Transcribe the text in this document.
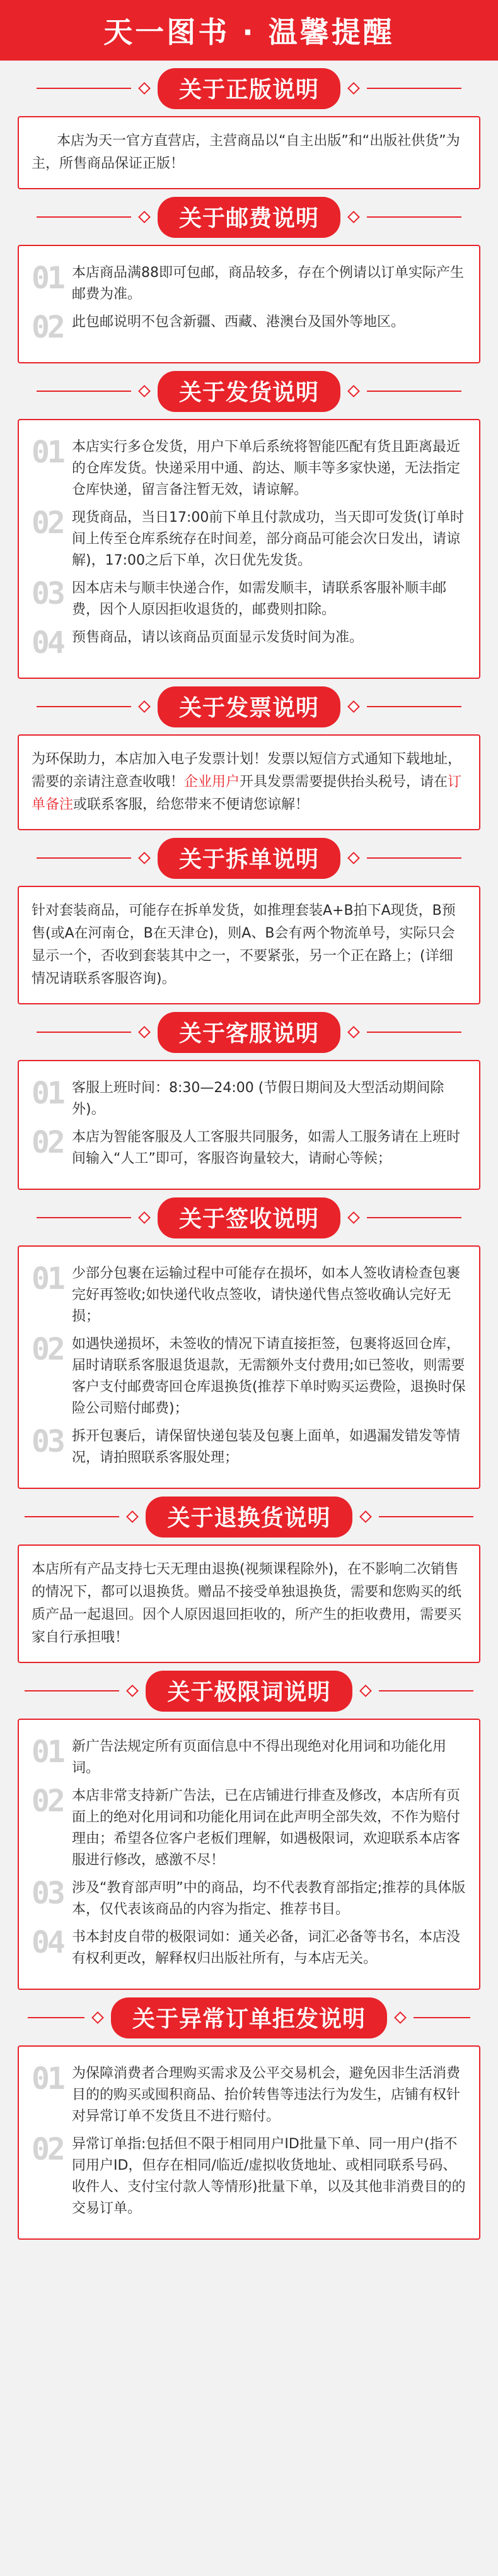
天一图书 · 温馨提醒
关于正版说明

本店为天一官方直营店，主营商品以“自主出版”和“出版社供货”为主，所售商品保证正版！

关于邮费说明
01 本店商品满88即可包邮，商品较多，存在个例请以订单实际产生邮费为准。
02 此包邮说明不包含新疆、西藏、港澳台及国外等地区。
关于发货说明
01 本店实行多仓发货，用户下单后系统将智能匹配有货且距离最近的仓库发货。快递采用中通、韵达、顺丰等多家快递，无法指定仓库快递，留言备注暂无效，请谅解。
02 现货商品，当日17:00前下单且付款成功，当天即可发货(订单时间上传至仓库系统存在时间差，部分商品可能会次日发出，请谅解)，17:00之后下单，次日优先发货。
03 因本店未与顺丰快递合作，如需发顺丰，请联系客服补顺丰邮费，因个人原因拒收退货的，邮费则扣除。
04 预售商品，请以该商品页面显示发货时间为准。
关于发票说明

为环保助力，本店加入电子发票计划！发票以短信方式通知下载地址，需要的亲请注意查收哦！企业用户开具发票需要提供抬头税号，请在订单备注或联系客服，给您带来不便请您谅解！

关于拆单说明

针对套装商品，可能存在拆单发货，如推理套装A+B拍下A现货，B预售(或A在河南仓，B在天津仓)，则A、B会有两个物流单号，实际只会显示一个，否收到套装其中之一，不要紧张，另一个正在路上；(详细情况请联系客服咨询)。

关于客服说明
01 客服上班时间：8:30—24:00 (节假日期间及大型活动期间除外)。
02 本店为智能客服及人工客服共同服务，如需人工服务请在上班时间输入“人工”即可，客服咨询量较大，请耐心等候；
关于签收说明
01 少部分包裹在运输过程中可能存在损坏，如本人签收请检查包裹完好再签收;如快递代收点签收，请快递代售点签收确认完好无损；
02 如遇快递损坏，未签收的情况下请直接拒签，包裹将返回仓库，届时请联系客服退货退款，无需额外支付费用;如已签收，则需要客户支付邮费寄回仓库退换货(推荐下单时购买运费险，退换时保险公司赔付邮费)；
03 拆开包裹后，请保留快递包装及包裹上面单，如遇漏发错发等情况，请拍照联系客服处理；
关于退换货说明

本店所有产品支持七天无理由退换(视频课程除外)，在不影响二次销售的情况下，都可以退换货。赠品不接受单独退换货，需要和您购买的纸质产品一起退回。因个人原因退回拒收的，所产生的拒收费用，需要买家自行承担哦！

关于极限词说明
01 新广告法规定所有页面信息中不得出现绝对化用词和功能化用词。
02 本店非常支持新广告法，已在店铺进行排查及修改，本店所有页面上的绝对化用词和功能化用词在此声明全部失效，不作为赔付理由；希望各位客户老板们理解，如遇极限词，欢迎联系本店客服进行修改，感激不尽！
03 涉及“教育部声明”中的商品，均不代表教育部指定;推荐的具体版本，仅代表该商品的内容为指定、推荐书目。
04 书本封皮自带的极限词如：通关必备，词汇必备等书名，本店没有权利更改，解释权归出版社所有，与本店无关。
关于异常订单拒发说明
01 为保障消费者合理购买需求及公平交易机会，避免因非生活消费目的的购买或囤积商品、抬价转售等违法行为发生，店铺有权针对异常订单不发货且不进行赔付。
02 异常订单指:包括但不限于相同用户ID批量下单、同一用户(指不同用户ID，但存在相同/临近/虚拟收货地址、或相同联系号码、收件人、支付宝付款人等情形)批量下单，以及其他非消费目的的交易订单。
